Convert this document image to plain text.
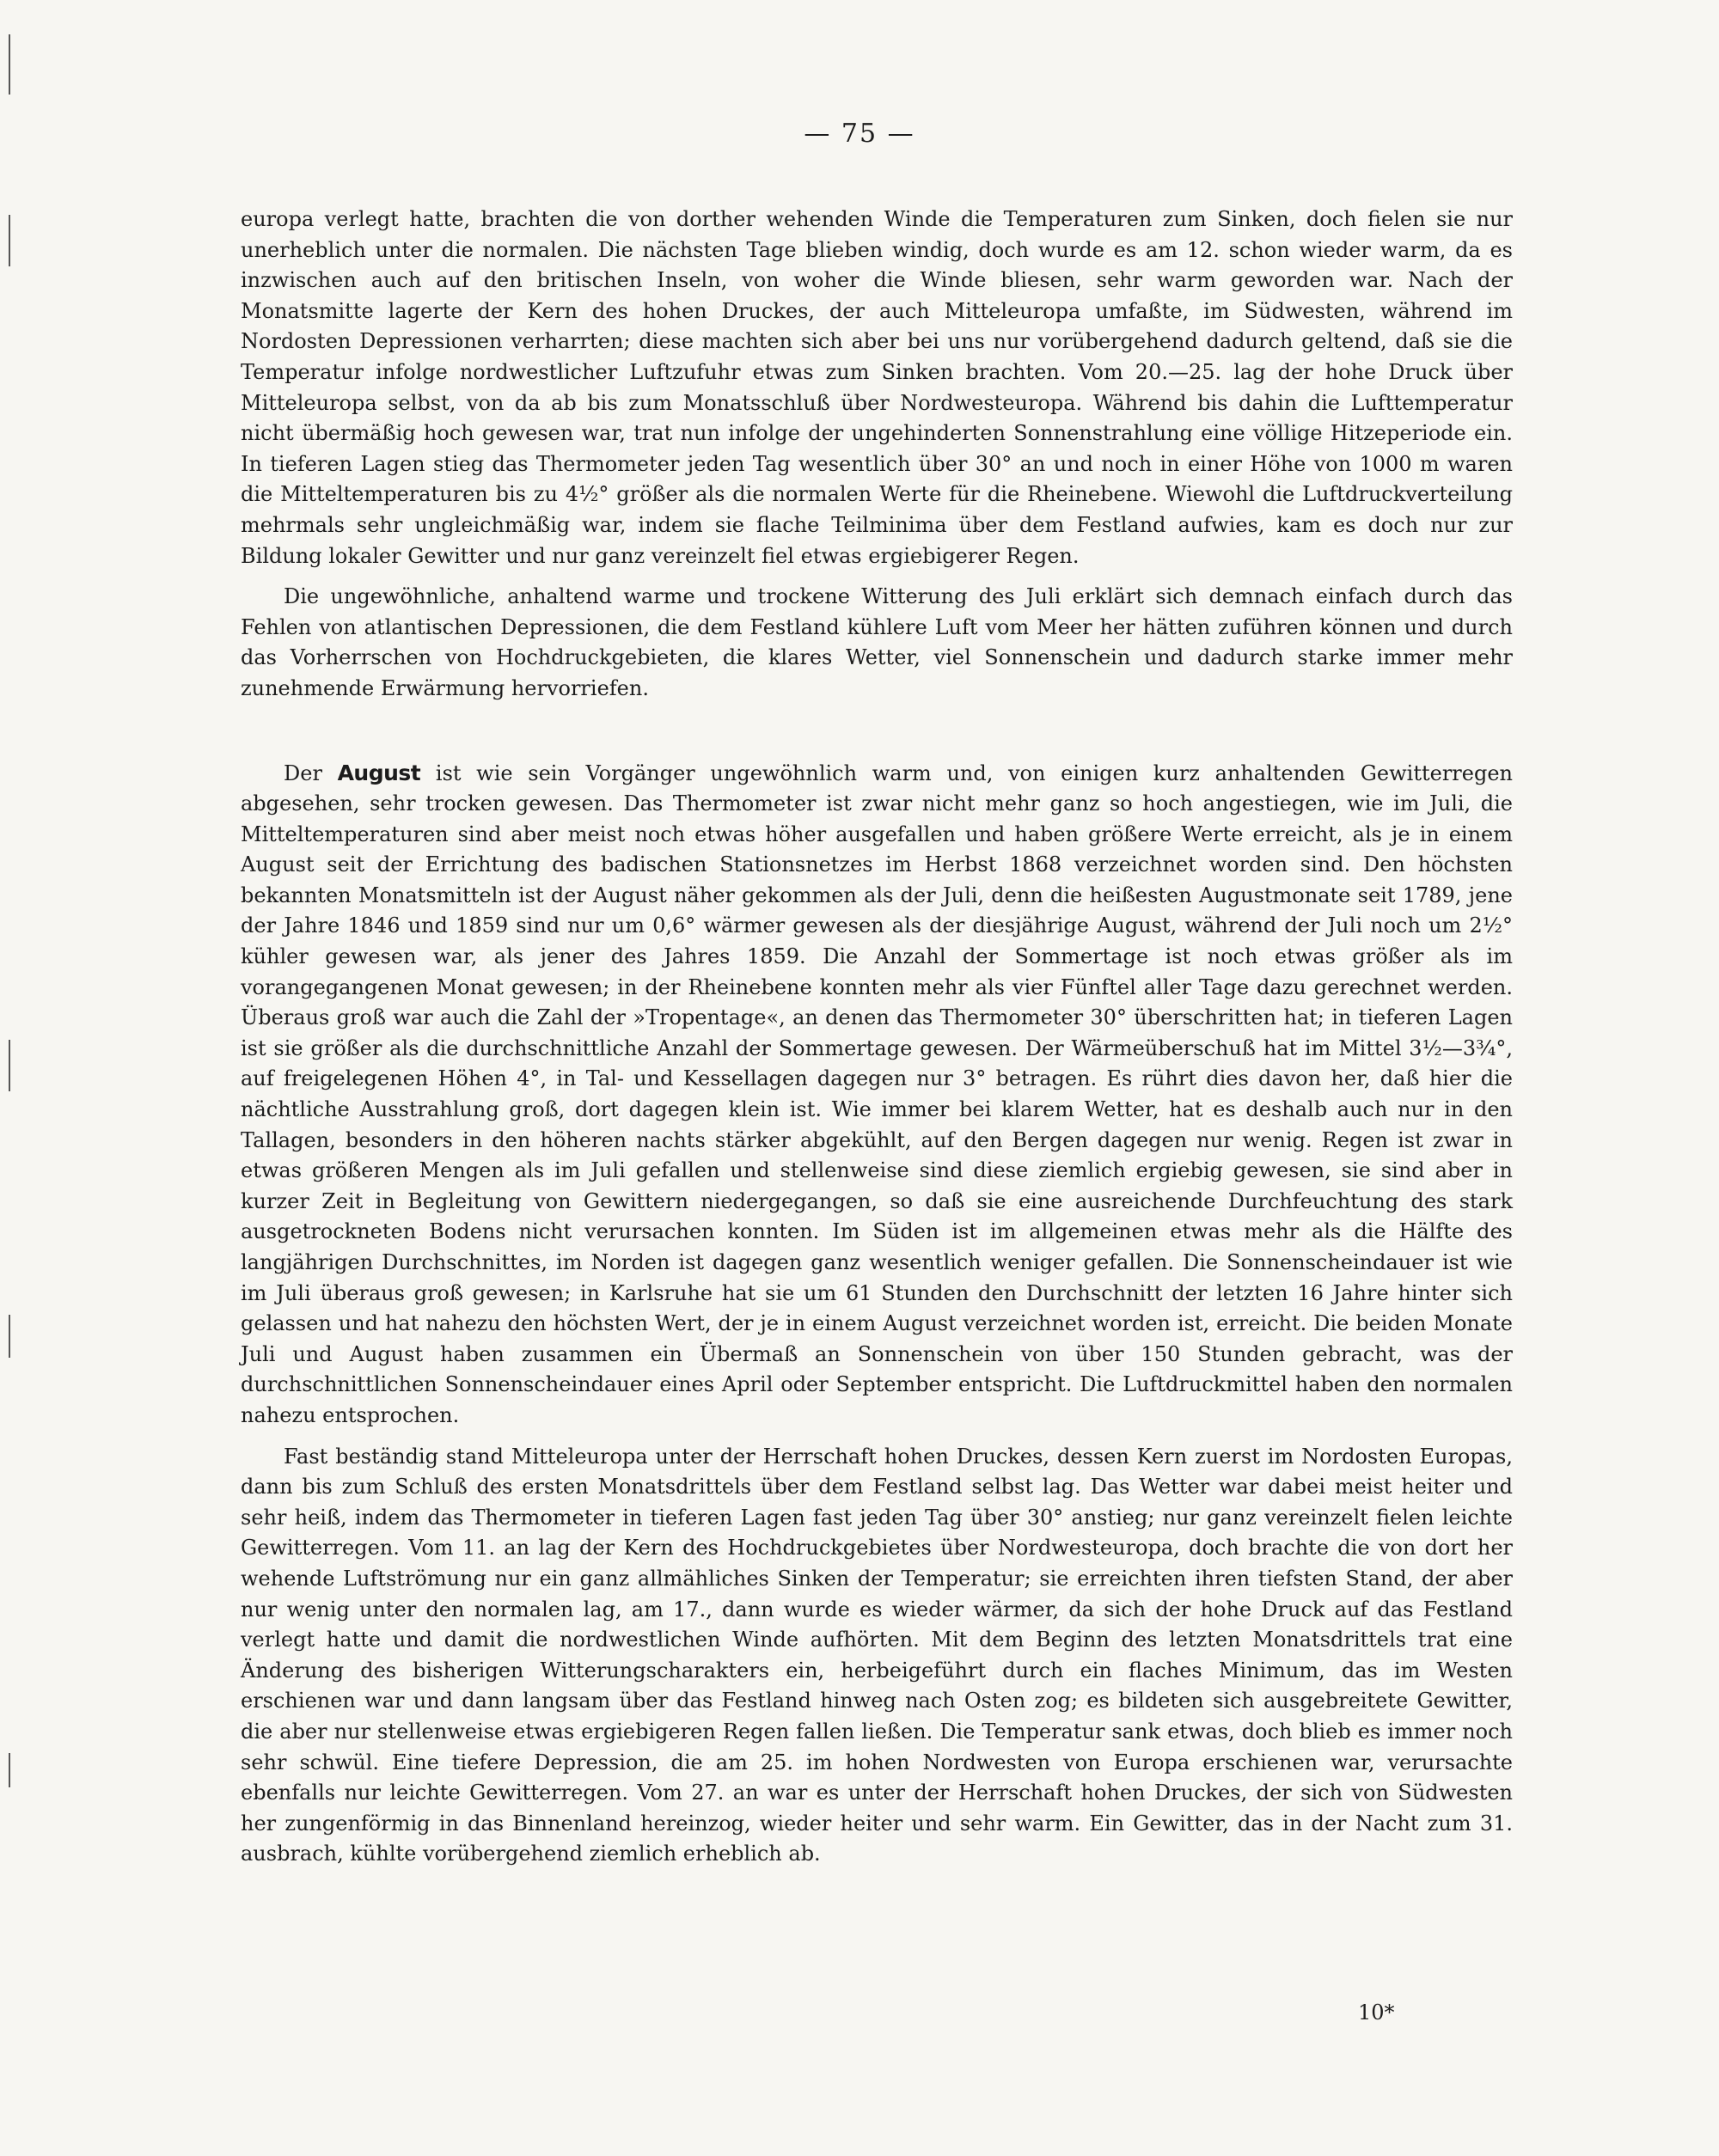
— 75 —

europa verlegt hatte, brachten die von dorther wehenden Winde die Temperaturen zum Sinken, doch fielen sie nur unerheblich unter die normalen. Die nächsten Tage blieben windig, doch wurde es am 12. schon wieder warm, da es inzwischen auch auf den britischen Inseln, von woher die Winde bliesen, sehr warm geworden war. Nach der Monatsmitte lagerte der Kern des hohen Druckes, der auch Mitteleuropa umfaßte, im Südwesten, während im Nordosten Depressionen verharrten; diese machten sich aber bei uns nur vorübergehend dadurch geltend, daß sie die Temperatur infolge nordwestlicher Luftzufuhr etwas zum Sinken brachten. Vom 20.—25. lag der hohe Druck über Mitteleuropa selbst, von da ab bis zum Monatsschluß über Nordwesteuropa. Während bis dahin die Lufttemperatur nicht übermäßig hoch gewesen war, trat nun infolge der ungehinderten Sonnenstrahlung eine völlige Hitzeperiode ein. In tieferen Lagen stieg das Thermometer jeden Tag wesentlich über 30° an und noch in einer Höhe von 1000 m waren die Mitteltemperaturen bis zu 4½° größer als die normalen Werte für die Rheinebene. Wiewohl die Luftdruckverteilung mehrmals sehr ungleichmäßig war, indem sie flache Teilminima über dem Festland aufwies, kam es doch nur zur Bildung lokaler Gewitter und nur ganz vereinzelt fiel etwas ergiebigerer Regen.

Die ungewöhnliche, anhaltend warme und trockene Witterung des Juli erklärt sich demnach einfach durch das Fehlen von atlantischen Depressionen, die dem Festland kühlere Luft vom Meer her hätten zuführen können und durch das Vorherrschen von Hochdruckgebieten, die klares Wetter, viel Sonnenschein und dadurch starke immer mehr zunehmende Erwärmung hervorriefen.

Der August ist wie sein Vorgänger ungewöhnlich warm und, von einigen kurz anhaltenden Gewitterregen abgesehen, sehr trocken gewesen. Das Thermometer ist zwar nicht mehr ganz so hoch angestiegen, wie im Juli, die Mitteltemperaturen sind aber meist noch etwas höher ausgefallen und haben größere Werte erreicht, als je in einem August seit der Errichtung des badischen Stationsnetzes im Herbst 1868 verzeichnet worden sind. Den höchsten bekannten Monatsmitteln ist der August näher gekommen als der Juli, denn die heißesten Augustmonate seit 1789, jene der Jahre 1846 und 1859 sind nur um 0,6° wärmer gewesen als der diesjährige August, während der Juli noch um 2½° kühler gewesen war, als jener des Jahres 1859. Die Anzahl der Sommertage ist noch etwas größer als im vorangegangenen Monat gewesen; in der Rheinebene konnten mehr als vier Fünftel aller Tage dazu gerechnet werden. Überaus groß war auch die Zahl der »Tropentage«, an denen das Thermometer 30° überschritten hat; in tieferen Lagen ist sie größer als die durchschnittliche Anzahl der Sommertage gewesen. Der Wärmeüberschuß hat im Mittel 3½—3¾°, auf freigelegenen Höhen 4°, in Tal- und Kessellagen dagegen nur 3° betragen. Es rührt dies davon her, daß hier die nächtliche Ausstrahlung groß, dort dagegen klein ist. Wie immer bei klarem Wetter, hat es deshalb auch nur in den Tallagen, besonders in den höheren nachts stärker abgekühlt, auf den Bergen dagegen nur wenig. Regen ist zwar in etwas größeren Mengen als im Juli gefallen und stellenweise sind diese ziemlich ergiebig gewesen, sie sind aber in kurzer Zeit in Begleitung von Gewittern niedergegangen, so daß sie eine ausreichende Durchfeuchtung des stark ausgetrockneten Bodens nicht verursachen konnten. Im Süden ist im allgemeinen etwas mehr als die Hälfte des langjährigen Durchschnittes, im Norden ist dagegen ganz wesentlich weniger gefallen. Die Sonnenscheindauer ist wie im Juli überaus groß gewesen; in Karlsruhe hat sie um 61 Stunden den Durchschnitt der letzten 16 Jahre hinter sich gelassen und hat nahezu den höchsten Wert, der je in einem August verzeichnet worden ist, erreicht. Die beiden Monate Juli und August haben zusammen ein Übermaß an Sonnenschein von über 150 Stunden gebracht, was der durchschnittlichen Sonnenscheindauer eines April oder September entspricht. Die Luftdruckmittel haben den normalen nahezu entsprochen.

Fast beständig stand Mitteleuropa unter der Herrschaft hohen Druckes, dessen Kern zuerst im Nordosten Europas, dann bis zum Schluß des ersten Monatsdrittels über dem Festland selbst lag. Das Wetter war dabei meist heiter und sehr heiß, indem das Thermometer in tieferen Lagen fast jeden Tag über 30° anstieg; nur ganz vereinzelt fielen leichte Gewitterregen. Vom 11. an lag der Kern des Hochdruckgebietes über Nordwesteuropa, doch brachte die von dort her wehende Luftströmung nur ein ganz allmähliches Sinken der Temperatur; sie erreichten ihren tiefsten Stand, der aber nur wenig unter den normalen lag, am 17., dann wurde es wieder wärmer, da sich der hohe Druck auf das Festland verlegt hatte und damit die nordwestlichen Winde aufhörten. Mit dem Beginn des letzten Monatsdrittels trat eine Änderung des bisherigen Witterungscharakters ein, herbeigeführt durch ein flaches Minimum, das im Westen erschienen war und dann langsam über das Festland hinweg nach Osten zog; es bildeten sich ausgebreitete Gewitter, die aber nur stellenweise etwas ergiebigeren Regen fallen ließen. Die Temperatur sank etwas, doch blieb es immer noch sehr schwül. Eine tiefere Depression, die am 25. im hohen Nordwesten von Europa erschienen war, verursachte ebenfalls nur leichte Gewitterregen. Vom 27. an war es unter der Herrschaft hohen Druckes, der sich von Südwesten her zungenförmig in das Binnenland hereinzog, wieder heiter und sehr warm. Ein Gewitter, das in der Nacht zum 31. ausbrach, kühlte vorübergehend ziemlich erheblich ab.

10*
